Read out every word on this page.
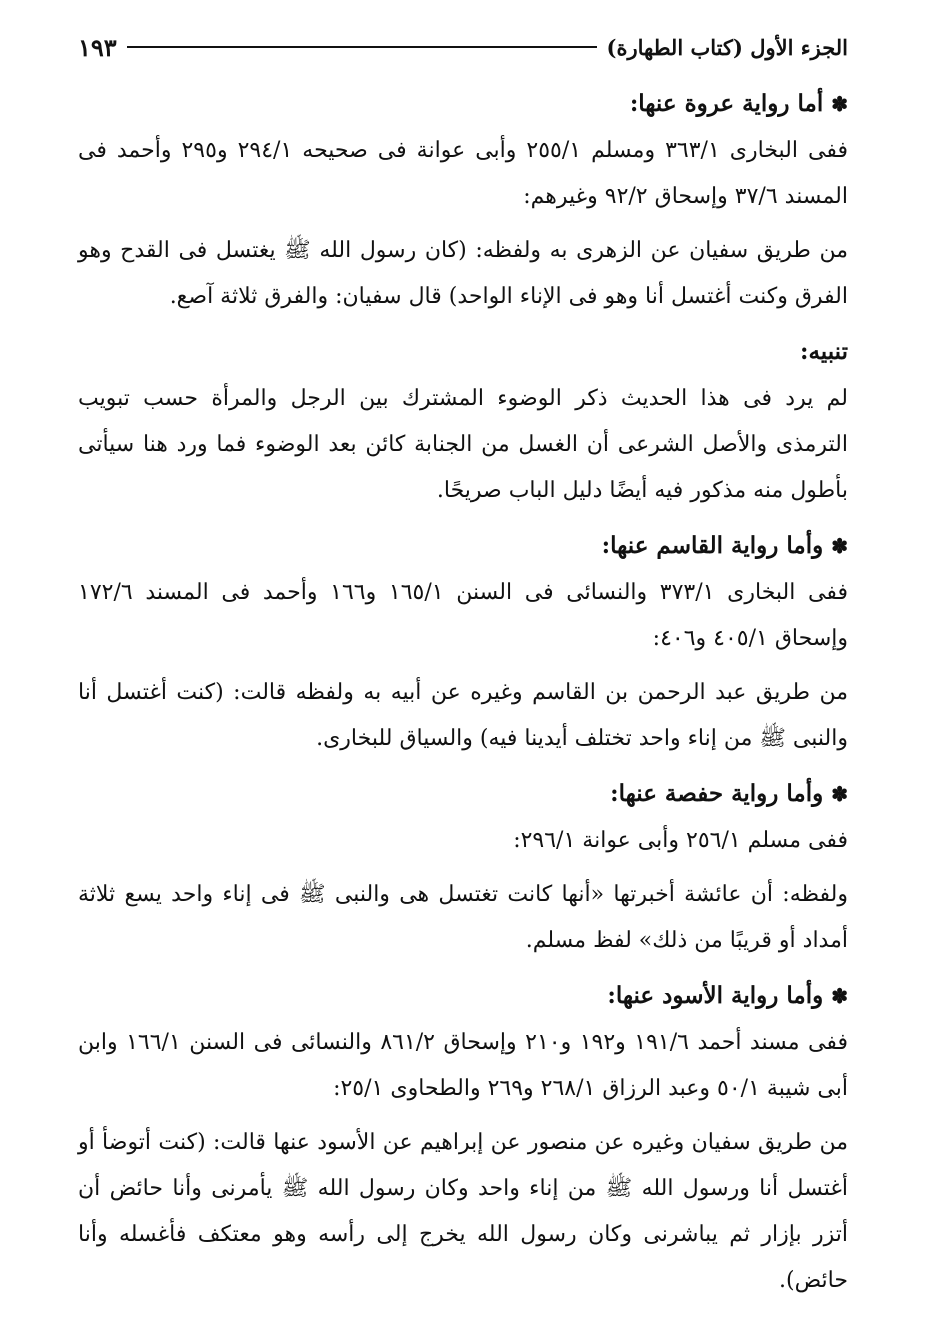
الجزء الأول (كتاب الطهارة)
١٩٣

✽أما رواية عروة عنها:

ففى البخارى ٣٦٣/١ ومسلم ٢٥٥/١ وأبى عوانة فى صحيحه ٢٩٤/١ و٢٩٥ وأحمد فى المسند ٣٧/٦ وإسحاق ٩٢/٢ وغيرهم:

من طريق سفيان عن الزهرى به ولفظه: (كان رسول الله ﷺ يغتسل فى القدح وهو الفرق وكنت أغتسل أنا وهو فى الإناء الواحد) قال سفيان: والفرق ثلاثة آصع.

تنبيه:

لم يرد فى هذا الحديث ذكر الوضوء المشترك بين الرجل والمرأة حسب تبويب الترمذى والأصل الشرعى أن الغسل من الجنابة كائن بعد الوضوء فما ورد هنا سيأتى بأطول منه مذكور فيه أيضًا دليل الباب صريحًا.

✽وأما رواية القاسم عنها:

ففى البخارى ٣٧٣/١ والنسائى فى السنن ١٦٥/١ و١٦٦ وأحمد فى المسند ١٧٢/٦ وإسحاق ٤٠٥/١ و٤٠٦:

من طريق عبد الرحمن بن القاسم وغيره عن أبيه به ولفظه قالت: (كنت أغتسل أنا والنبى ﷺ من إناء واحد تختلف أيدينا فيه) والسياق للبخارى.

✽وأما رواية حفصة عنها:

ففى مسلم ٢٥٦/١ وأبى عوانة ٢٩٦/١:

ولفظه: أن عائشة أخبرتها «أنها كانت تغتسل هى والنبى ﷺ فى إناء واحد يسع ثلاثة أمداد أو قريبًا من ذلك» لفظ مسلم.

✽وأما رواية الأسود عنها:

ففى مسند أحمد ١٩١/٦ و١٩٢ و٢١٠ وإسحاق ٨٦١/٢ والنسائى فى السنن ١٦٦/١ وابن أبى شيبة ٥٠/١ وعبد الرزاق ٢٦٨/١ و٢٦٩ والطحاوى ٢٥/١:

من طريق سفيان وغيره عن منصور عن إبراهيم عن الأسود عنها قالت: (كنت أتوضأ أو أغتسل أنا ورسول الله ﷺ من إناء واحد وكان رسول الله ﷺ يأمرنى وأنا حائض أن أتزر بإزار ثم يباشرنى وكان رسول الله يخرج إلى رأسه وهو معتكف فأغسله وأنا حائض).
